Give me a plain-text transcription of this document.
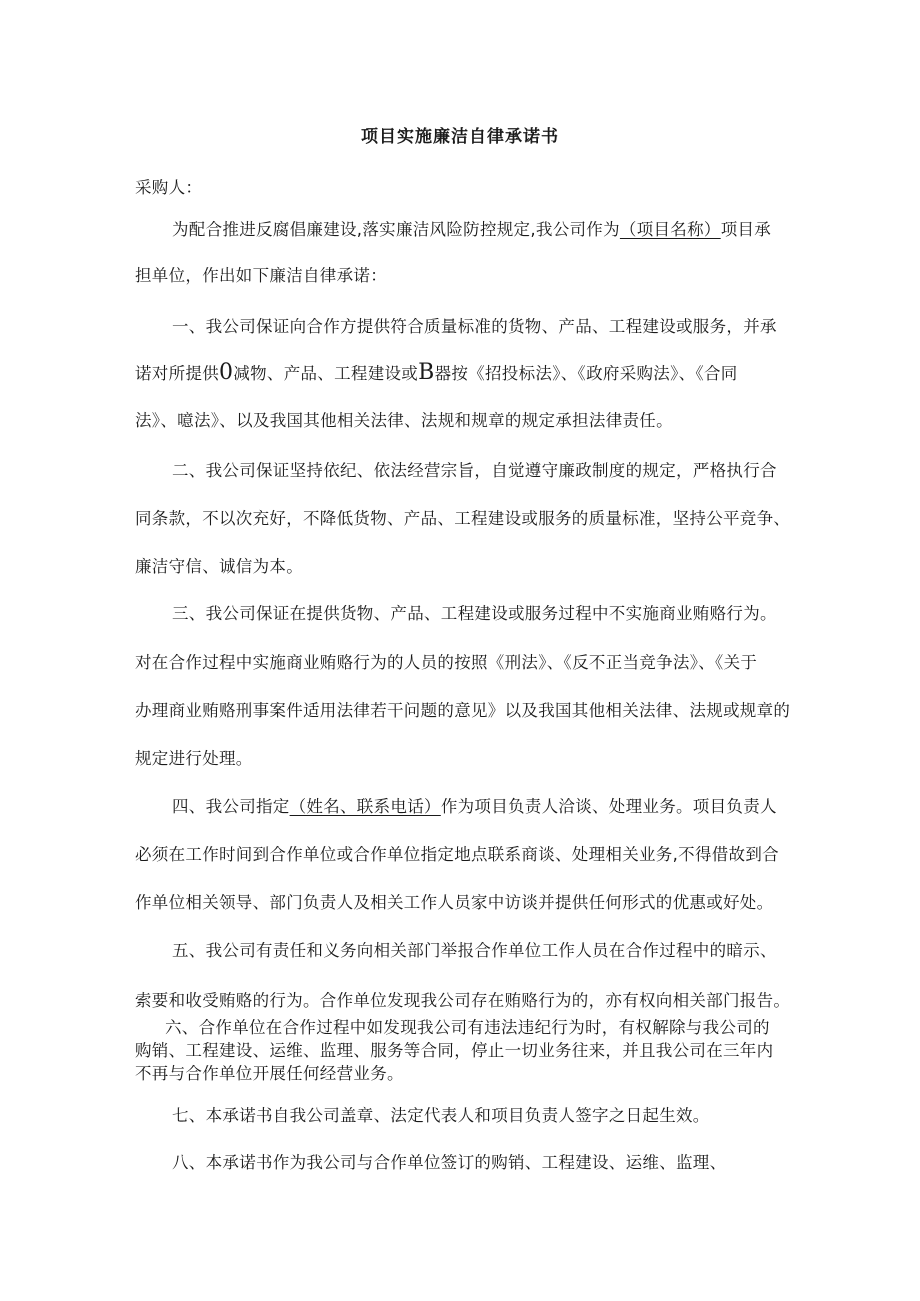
项目实施廉洁自律承诺书
采购人：
为配合推进反腐倡廉建设,落实廉洁风险防控规定,我公司作为（项目名称）项目承
担单位，作出如下廉洁自律承诺：
一、我公司保证向合作方提供符合质量标准的货物、产品、工程建设或服务，并承
诺对所提供0减物、产品、工程建设或B器按《招投标法》、《政府采购法》、《合同
法》、噫法》、以及我国其他相关法律、法规和规章的规定承担法律责任。
二、我公司保证坚持依纪、依法经营宗旨，自觉遵守廉政制度的规定，严格执行合
同条款，不以次充好，不降低货物、产品、工程建设或服务的质量标准，坚持公平竞争、
廉洁守信、诚信为本。
三、我公司保证在提供货物、产品、工程建设或服务过程中不实施商业贿赂行为。
对在合作过程中实施商业贿赂行为的人员的按照《刑法》、《反不正当竞争法》、《关于
办理商业贿赂刑事案件适用法律若干问题的意见》以及我国其他相关法律、法规或规章的
规定进行处理。
四、我公司指定（姓名、联系电话）作为项目负责人洽谈、处理业务。项目负责人
必须在工作时间到合作单位或合作单位指定地点联系商谈、处理相关业务,不得借故到合
作单位相关领导、部门负责人及相关工作人员家中访谈并提供任何形式的优惠或好处。
五、我公司有责任和义务向相关部门举报合作单位工作人员在合作过程中的暗示、
索要和收受贿赂的行为。合作单位发现我公司存在贿赂行为的，亦有权向相关部门报告。
六、合作单位在合作过程中如发现我公司有违法违纪行为时，有权解除与我公司的
购销、工程建设、运维、监理、服务等合同，停止一切业务往来，并且我公司在三年内
不再与合作单位开展任何经营业务。
七、本承诺书自我公司盖章、法定代表人和项目负责人签字之日起生效。
八、本承诺书作为我公司与合作单位签订的购销、工程建设、运维、监理、
